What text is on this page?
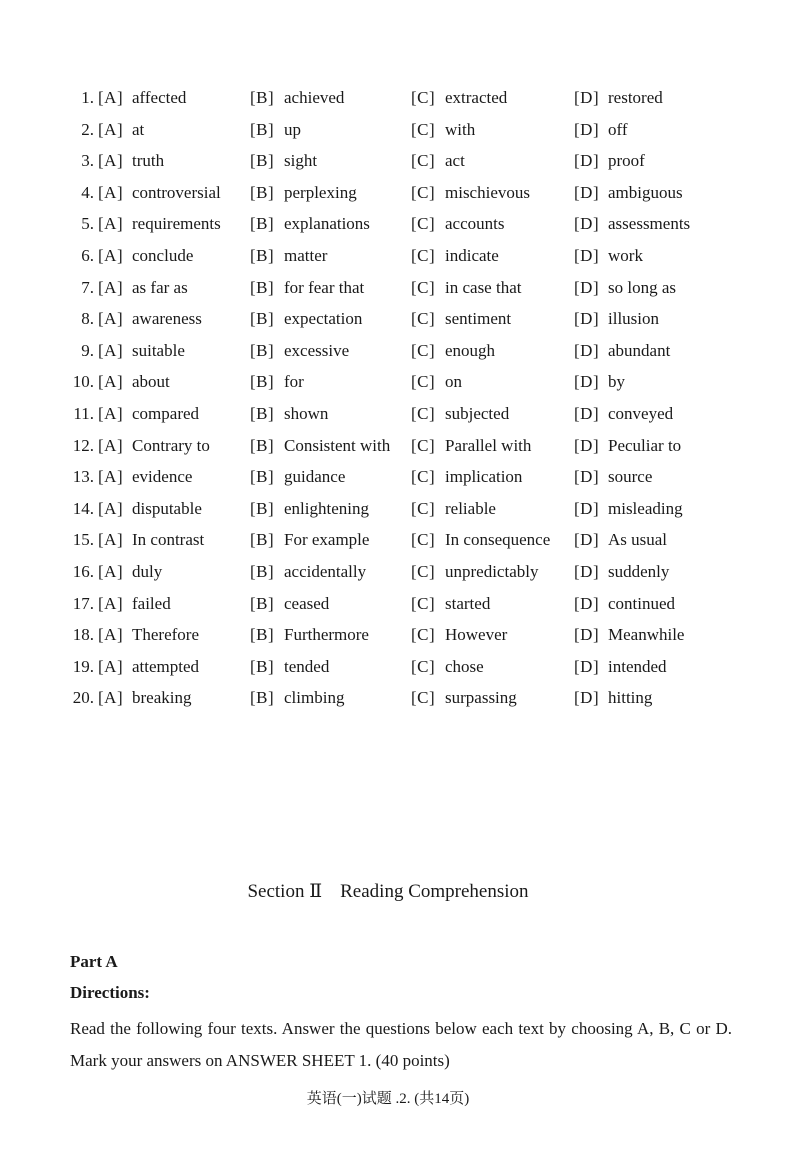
1. [A] affected	[B] achieved	[C] extracted	[D] restored
2. [A] at	[B] up	[C] with	[D] off
3. [A] truth	[B] sight	[C] act	[D] proof
4. [A] controversial [B] perplexing	[C] mischievous	[D] ambiguous
5. [A] requirements [B] explanations [C] accounts	[D] assessments
6. [A] conclude	[B] matter	[C] indicate	[D] work
7. [A] as far as	[B] for fear that	[C] in case that	[D] so long as
8. [A] awareness	[B] expectation	[C] sentiment	[D] illusion
9. [A] suitable	[B] excessive	[C] enough	[D] abundant
10. [A] about	[B] for	[C] on	[D] by
11. [A] compared	[B] shown	[C] subjected	[D] conveyed
12. [A] Contrary to [B] Consistent with [C] Parallel with	[D] Peculiar to
13. [A] evidence	[B] guidance	[C] implication	[D] source
14. [A] disputable	[B] enlightening [C] reliable	[D] misleading
15. [A] In contrast	[B] For example [C] In consequence [D] As usual
16. [A] duly	[B] accidentally	[C] unpredictably [D] suddenly
17. [A] failed	[B] ceased	[C] started	[D] continued
18. [A] Therefore	[B] Furthermore [C] However	[D] Meanwhile
19. [A] attempted	[B] tended	[C] chose	[D] intended
20. [A] breaking	[B] climbing	[C] surpassing	[D] hitting
Section Ⅱ Reading Comprehension
Part A
Directions:
Read the following four texts. Answer the questions below each text by choosing A, B, C or D. Mark your answers on ANSWER SHEET 1. (40 points)
英语(一)试题 .2. (共14页)
